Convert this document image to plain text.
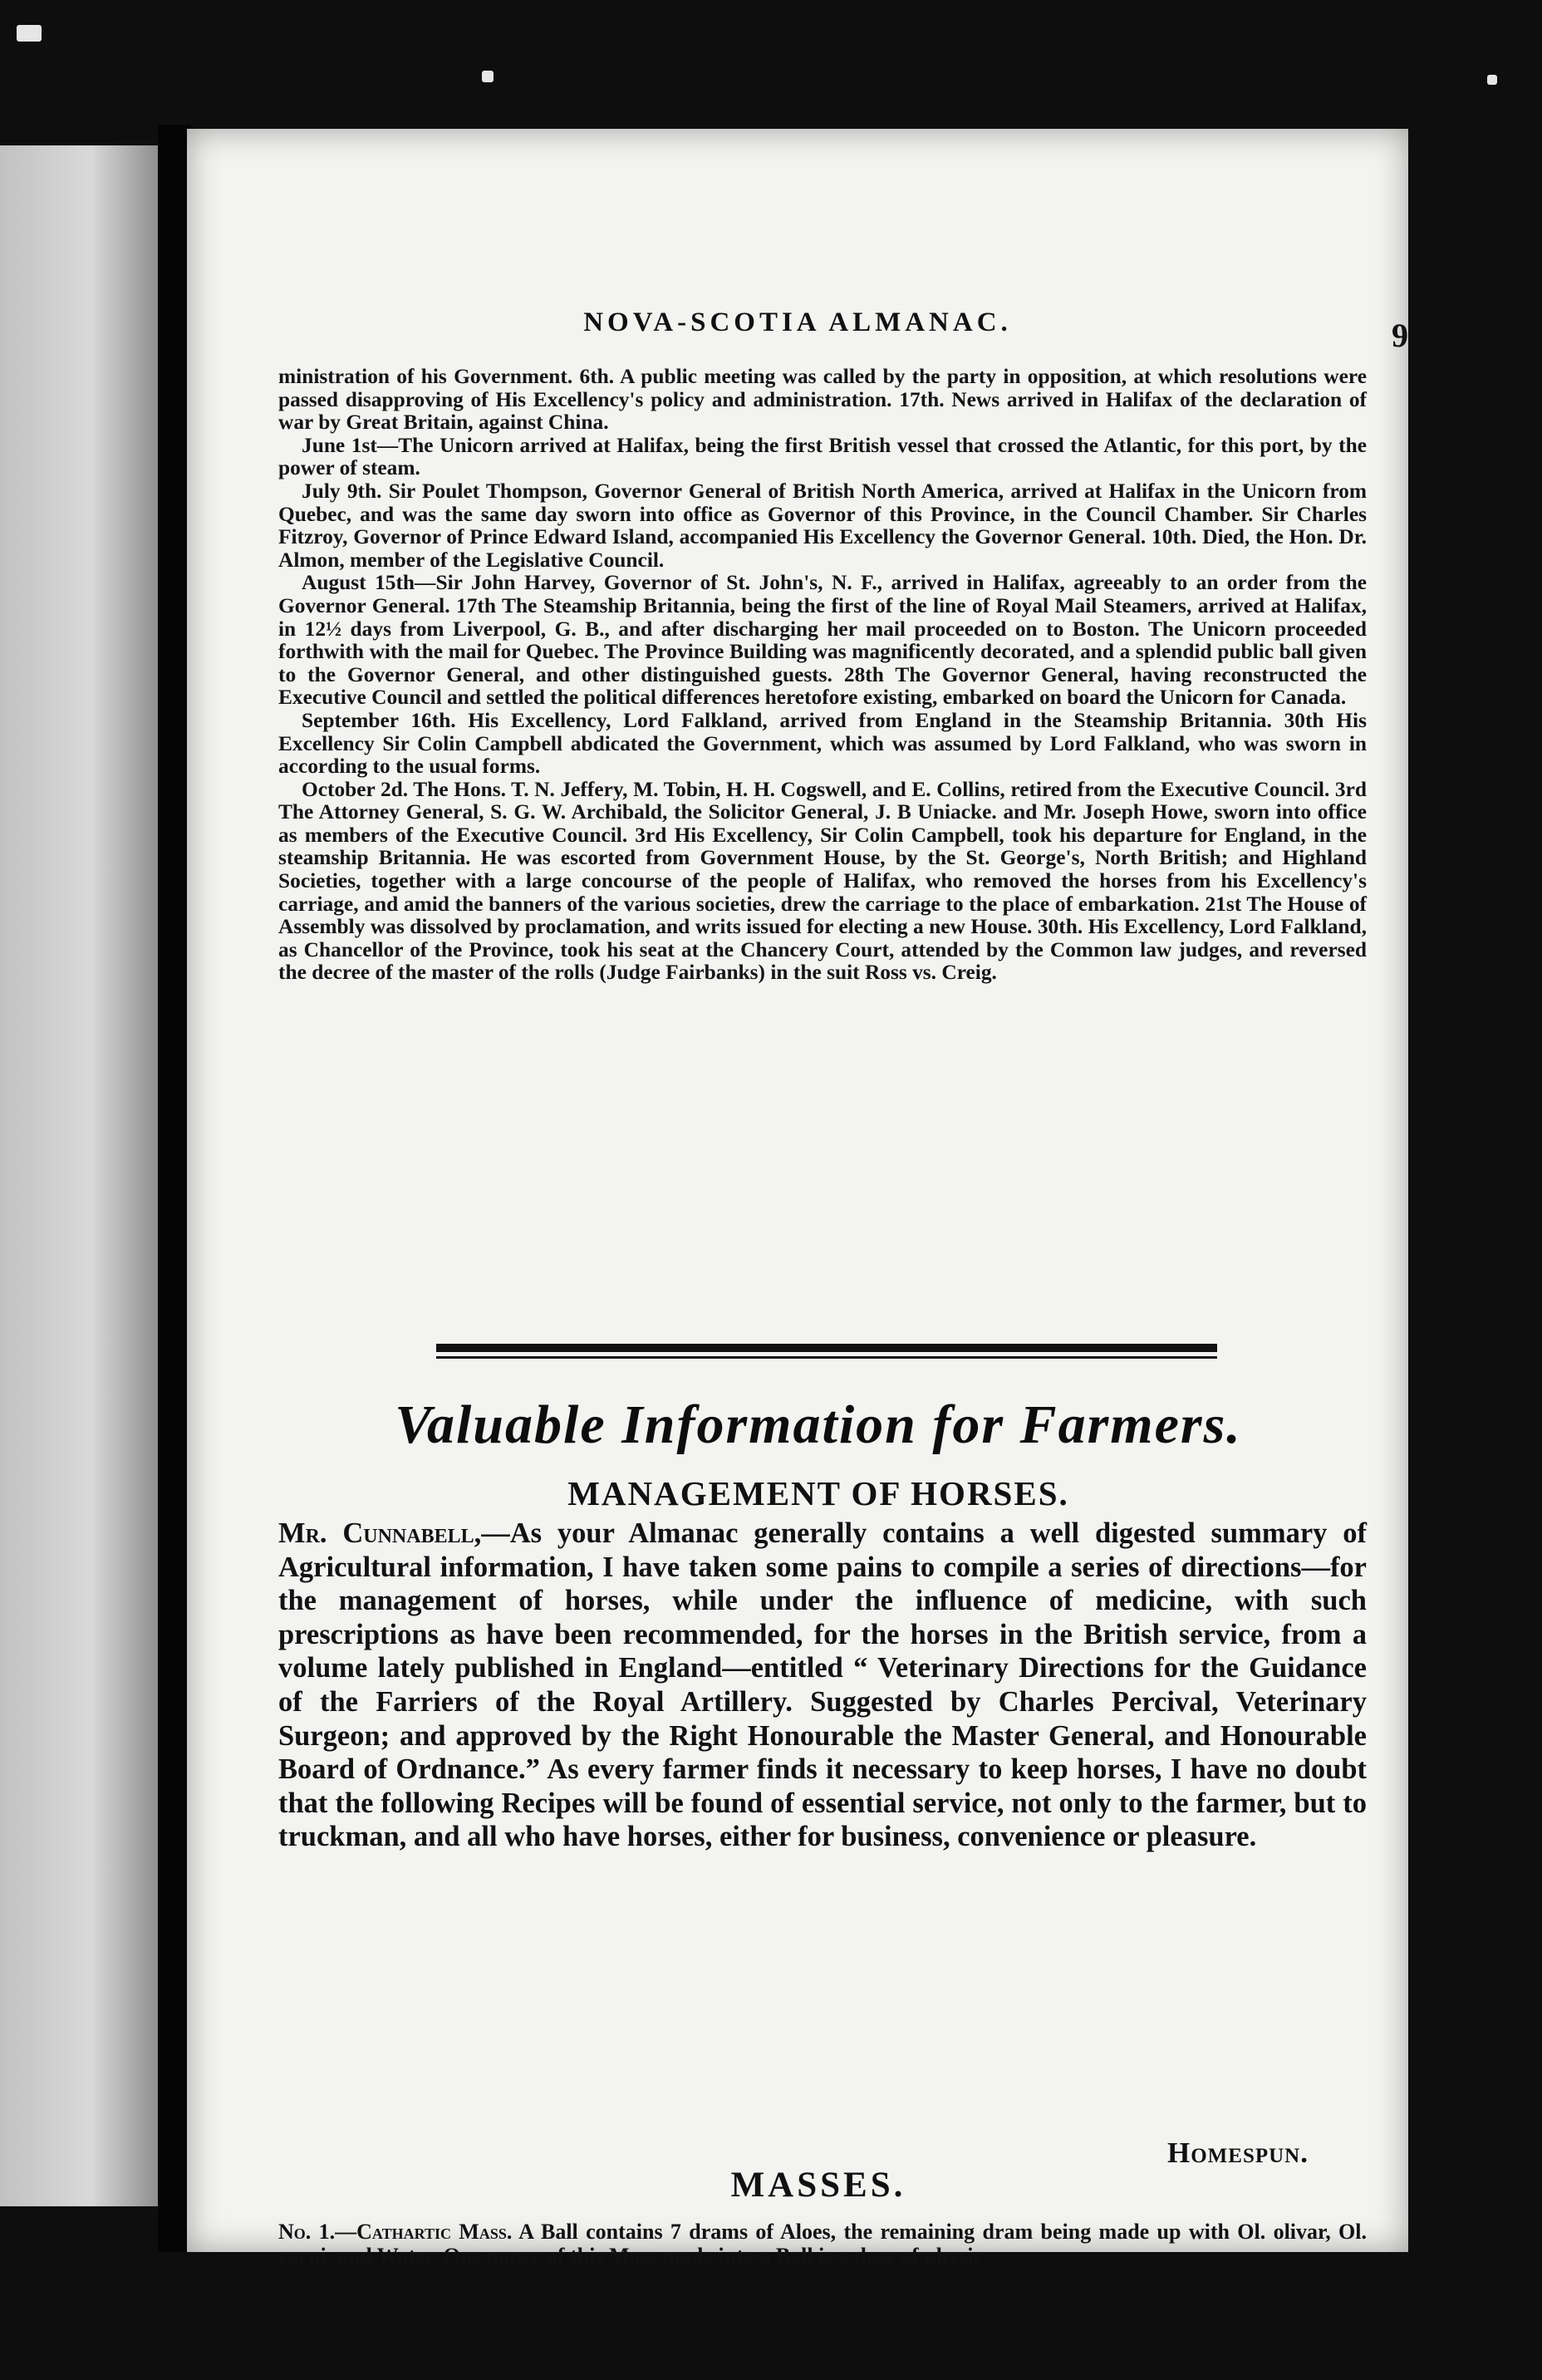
NOVA-SCOTIA ALMANAC.	9

ministration of his Government. 6th. A public meeting was called by the party in opposition, at which resolutions were passed disapproving of His Excellency's policy and administration. 17th. News arrived in Halifax of the declaration of war by Great Britain, against China.

June 1st—The Unicorn arrived at Halifax, being the first British vessel that crossed the Atlantic, for this port, by the power of steam.

July 9th. Sir Poulet Thompson, Governor General of British North America, arrived at Halifax in the Unicorn from Quebec, and was the same day sworn into office as Governor of this Province, in the Council Chamber. Sir Charles Fitzroy, Governor of Prince Edward Island, accompanied His Excellency the Governor General. 10th. Died, the Hon. Dr. Almon, member of the Legislative Council.

August 15th—Sir John Harvey, Governor of St. John's, N. F., arrived in Halifax, agreeably to an order from the Governor General. 17th The Steamship Britannia, being the first of the line of Royal Mail Steamers, arrived at Halifax, in 12½ days from Liverpool, G. B., and after discharging her mail proceeded on to Boston. The Unicorn proceeded forthwith with the mail for Quebec. The Province Building was magnificently decorated, and a splendid public ball given to the Governor General, and other distinguished guests. 28th The Governor General, having reconstructed the Executive Council and settled the political differences heretofore existing, embarked on board the Unicorn for Canada.

September 16th. His Excellency, Lord Falkland, arrived from England in the Steamship Britannia. 30th His Excellency Sir Colin Campbell abdicated the Government, which was assumed by Lord Falkland, who was sworn in according to the usual forms.

October 2d. The Hons. T. N. Jeffery, M. Tobin, H. H. Cogswell, and E. Collins, retired from the Executive Council. 3rd The Attorney General, S. G. W. Archibald, the Solicitor General, J. B Uniacke. and Mr. Joseph Howe, sworn into office as members of the Executive Council. 3rd His Excellency, Sir Colin Campbell, took his departure for England, in the steamship Britannia. He was escorted from Government House, by the St. George's, North British; and Highland Societies, together with a large concourse of the people of Halifax, who removed the horses from his Excellency's carriage, and amid the banners of the various societies, drew the carriage to the place of embarkation. 21st The House of Assembly was dissolved by proclamation, and writs issued for electing a new House. 30th. His Excellency, Lord Falkland, as Chancellor of the Province, took his seat at the Chancery Court, attended by the Common law judges, and reversed the decree of the master of the rolls (Judge Fairbanks) in the suit Ross vs. Creig.

Valuable Information for Farmers.
MANAGEMENT OF HORSES.
Mr. Cunnabell,—As your Almanac generally contains a well digested summary of Agricultural information, I have taken some pains to compile a series of directions—for the management of horses, while under the influence of medicine, with such prescriptions as have been recommended, for the horses in the British service, from a volume lately published in England—entitled “ Veterinary Directions for the Guidance of the Farriers of the Royal Artillery. Suggested by Charles Percival, Veterinary Surgeon; and approved by the Right Honourable the Master General, and Honourable Board of Ordnance.” As every farmer finds it necessary to keep horses, I have no doubt that the following Recipes will be found of essential service, not only to the farmer, but to truckman, and all who have horses, either for business, convenience or pleasure.
Homespun.
MASSES.
No. 1.—Cathartic Mass. A Ball contains 7 drams of Aloes, the remaining dram being made up with Ol. olivar, Ol. carui, and Water. One ounce of this Mass made into a Ball is a dose of physic.
